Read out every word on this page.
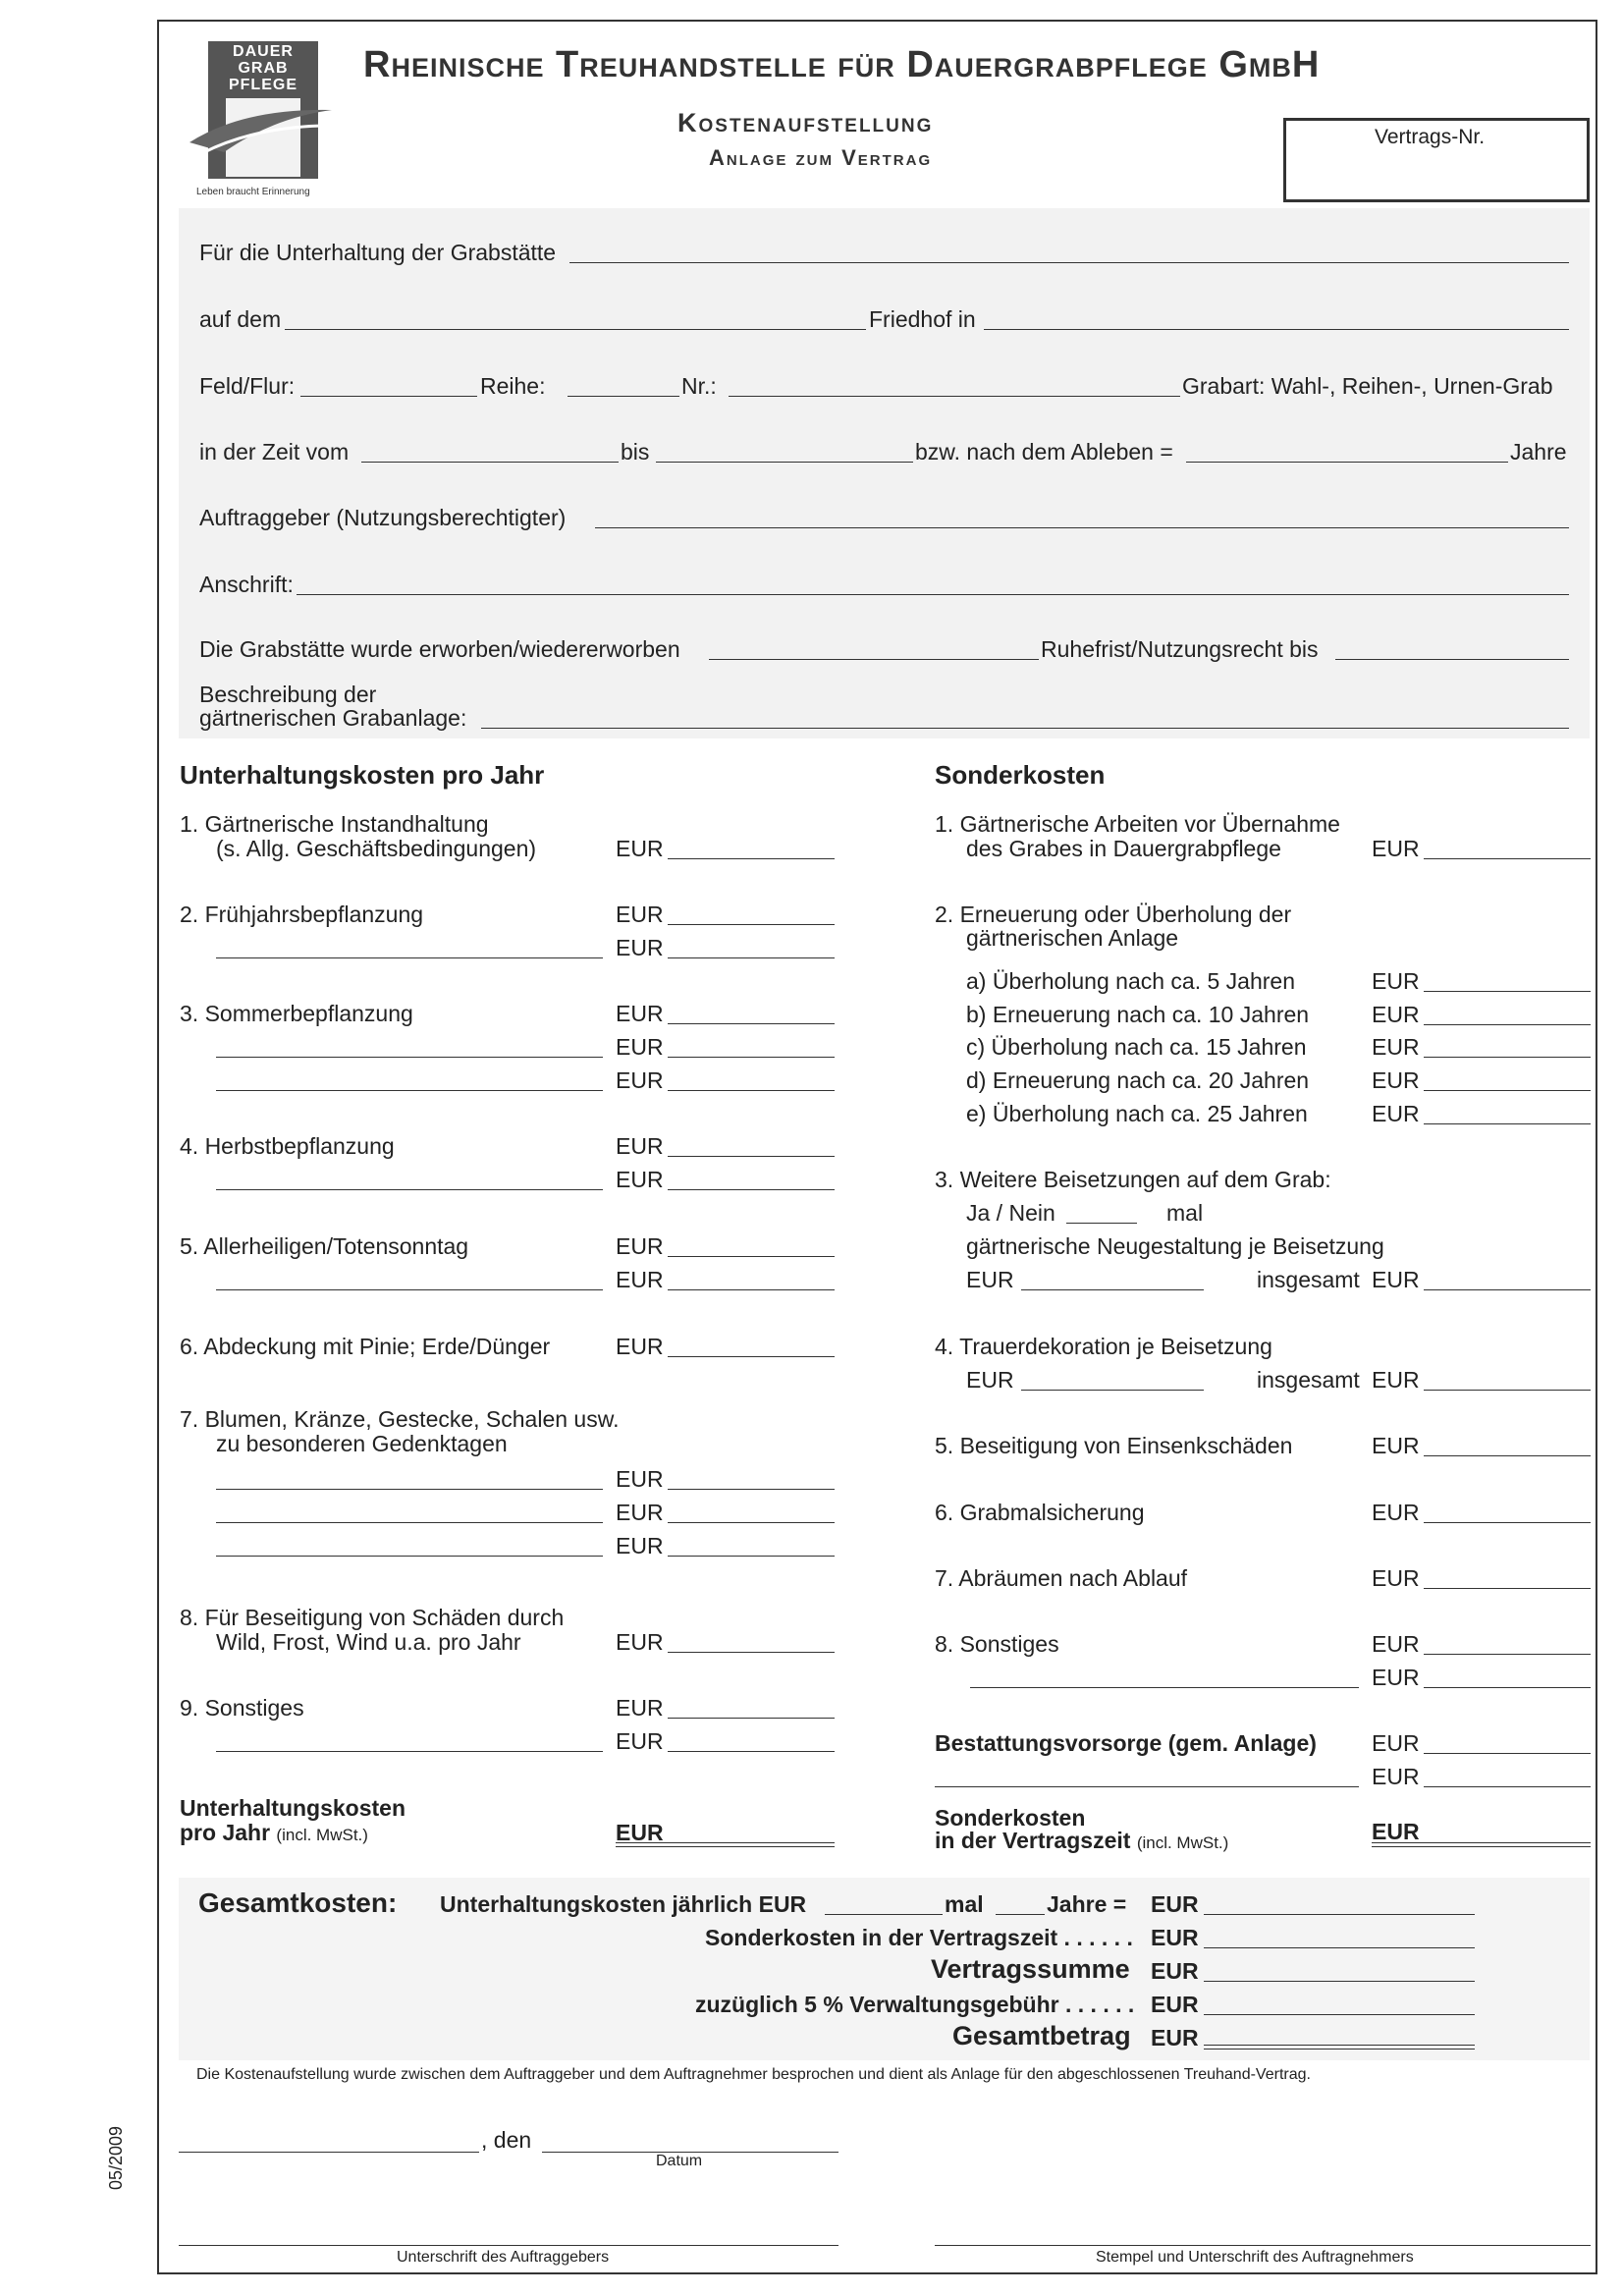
DAUER
GRAB
PFLEGE
Leben braucht Erinnerung
Rheinische Treuhandstelle für Dauergrabpflege GmbH
Kostenaufstellung
Anlage zum Vertrag
Vertrags-Nr.
Für die Unterhaltung der Grabstätte
auf dem	Friedhof in
Feld/Flur:	Reihe:	Nr.:	Grabart: Wahl-, Reihen-, Urnen-Grab
in der Zeit vom	bis	bzw. nach dem Ableben =	Jahre
Auftraggeber (Nutzungsberechtigter)
Anschrift:
Die Grabstätte wurde erworben/wiedererworben	Ruhefrist/Nutzungsrecht bis
Beschreibung der
gärtnerischen Grabanlage:
Unterhaltungskosten pro Jahr
1. Gärtnerische Instandhaltung
(s. Allg. Geschäftsbedingungen)	EUR
2. Frühjahrsbepflanzung	EUR
EUR
3. Sommerbepflanzung	EUR
EUR
EUR
4. Herbstbepflanzung	EUR
EUR
5. Allerheiligen/Totensonntag	EUR
EUR
6. Abdeckung mit Pinie; Erde/Dünger	EUR
7. Blumen, Kränze, Gestecke, Schalen usw.
zu besonderen Gedenktagen
EUR
EUR
EUR
8. Für Beseitigung von Schäden durch
Wild, Frost, Wind u.a. pro Jahr	EUR
9. Sonstiges	EUR
EUR
Unterhaltungskosten
pro Jahr (incl. MwSt.)	EUR
Sonderkosten
1. Gärtnerische Arbeiten vor Übernahme
des Grabes in Dauergrabpflege	EUR
2. Erneuerung oder Überholung der
gärtnerischen Anlage
a) Überholung nach ca. 5 Jahren	EUR
b) Erneuerung nach ca. 10 Jahren	EUR
c) Überholung nach ca. 15 Jahren	EUR
d) Erneuerung nach ca. 20 Jahren	EUR
e) Überholung nach ca. 25 Jahren	EUR
3. Weitere Beisetzungen auf dem Grab:
Ja / Nein	mal
gärtnerische Neugestaltung je Beisetzung
EUR	insgesamt EUR
4. Trauerdekoration je Beisetzung
EUR	insgesamt EUR
5. Beseitigung von Einsenkschäden	EUR
6. Grabmalsicherung	EUR
7. Abräumen nach Ablauf	EUR
8. Sonstiges	EUR
EUR
Bestattungsvorsorge (gem. Anlage) EUR
EUR
Sonderkosten
in der Vertragszeit (incl. MwSt.)	EUR
Gesamtkosten: Unterhaltungskosten jährlich EUR	mal	Jahre = EUR
Sonderkosten in der Vertragszeit . . . . . . EUR
Vertragssumme EUR
zuzüglich 5 % Verwaltungsgebühr . . . . . . EUR
Gesamtbetrag EUR
Die Kostenaufstellung wurde zwischen dem Auftraggeber und dem Auftragnehmer besprochen und dient als Anlage für den abgeschlossenen Treuhand-Vertrag.
, den
Datum
Unterschrift des Auftraggebers	Stempel und Unterschrift des Auftragnehmers
05/2009
